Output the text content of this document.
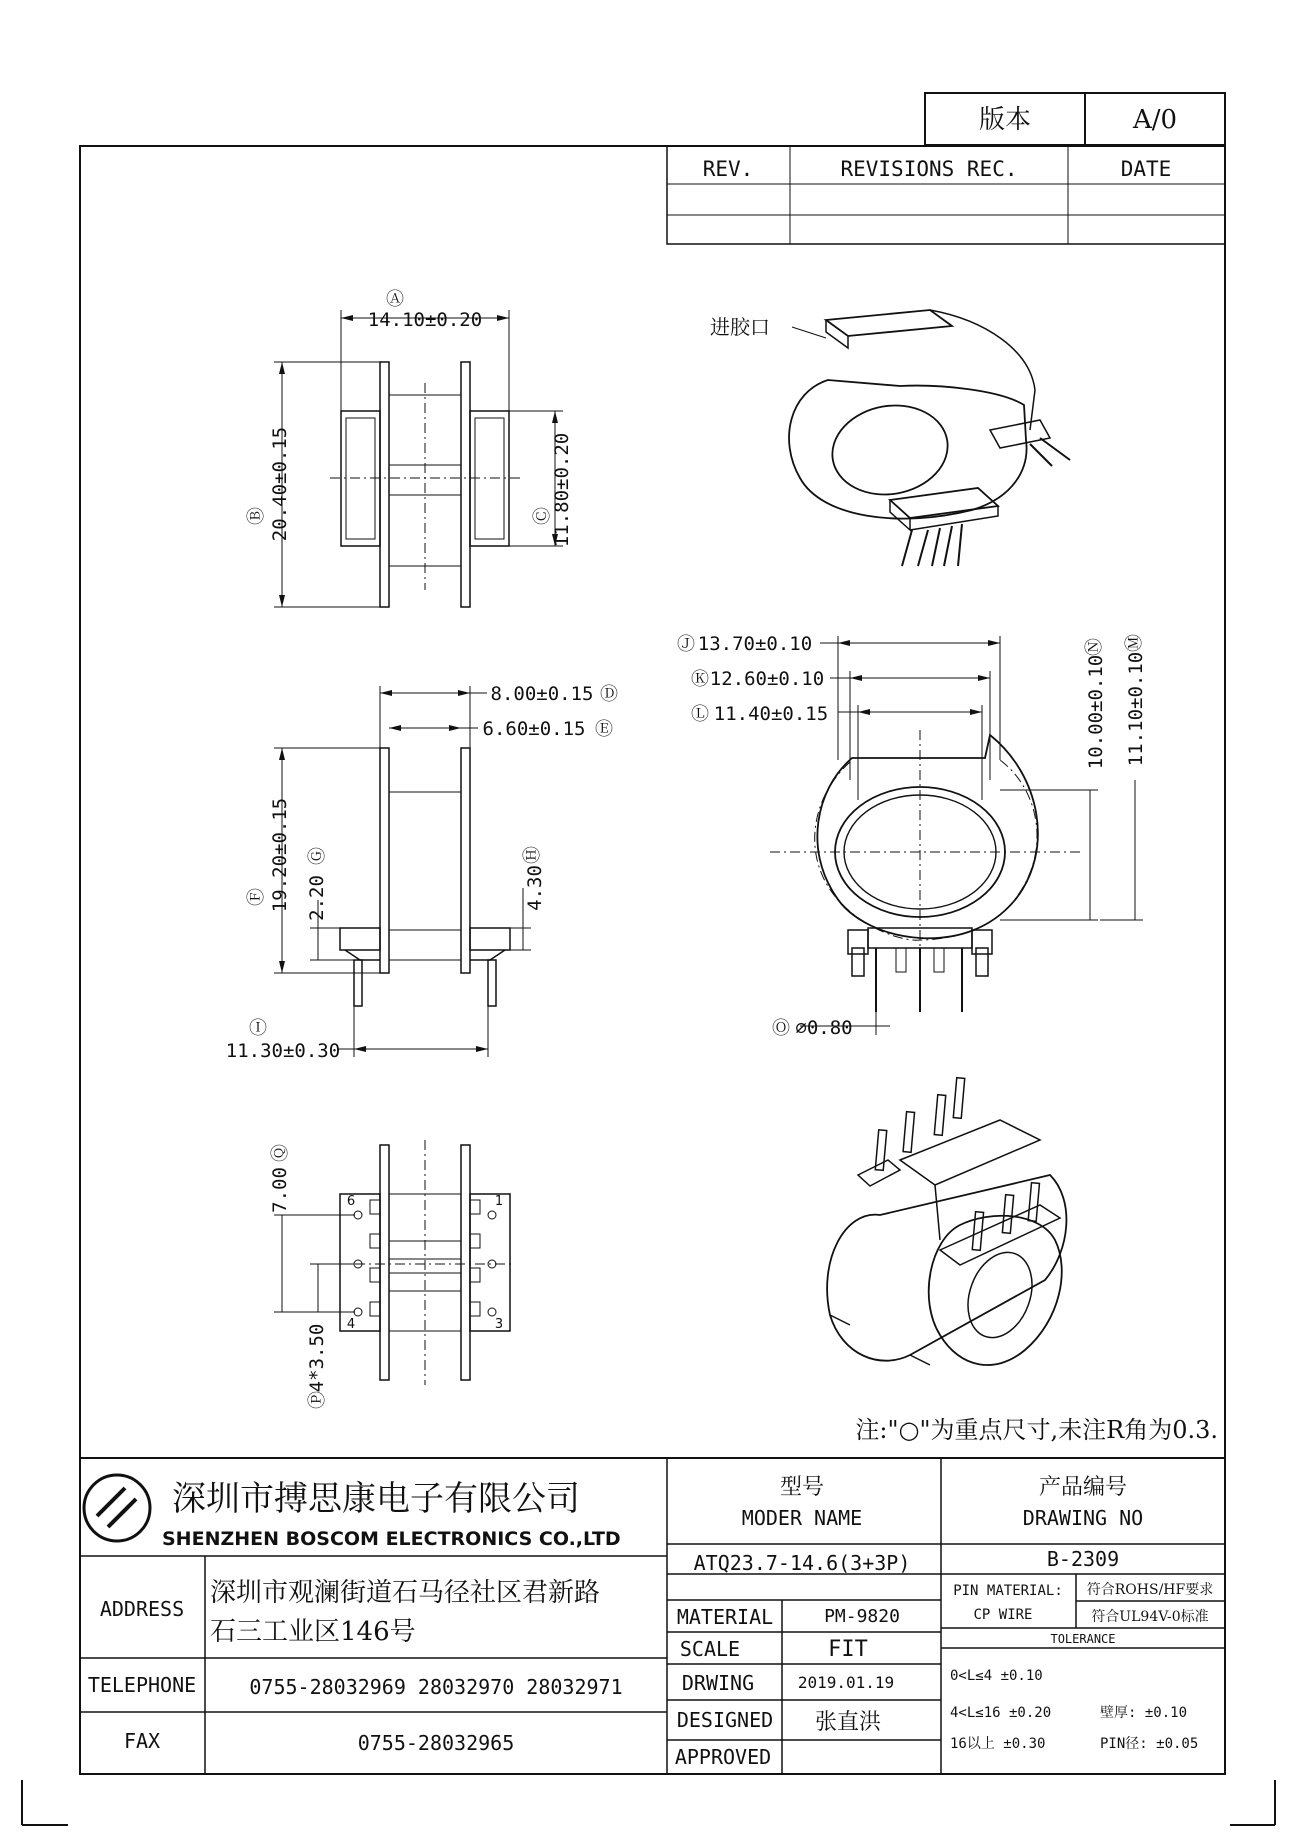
版本	A/0
REV.	REVISIONS REC.	DATE
Ⓐ
14.10±0.20
20.40±0.15
Ⓑ	11.80±0.20
Ⓒ
8.00±0.15 Ⓓ
6.60±0.15 Ⓔ
19.20±0.15
Ⓕ 2.20
Ⓖ
4.30
Ⓗ
Ⓘ
11.30±0.30
6	1
4	3
7.00
Ⓠ
4*3.50
Ⓟ
进胶口
Ⓙ 13.70±0.10
Ⓚ 12.60±0.10
Ⓛ 11.40±0.15	10.00±0.10
Ⓝ
11.10±0.10
Ⓜ
Ⓞ ∅0.80
注:"○"为重点尺寸,未注R角为0.3.
深圳市搏思康电子有限公司
SHENZHEN BOSCOM ELECTRONICS CO.,LTD
ADDRESS
深圳市观澜街道石马径社区君新路
石三工业区146号
TELEPHONE	0755-28032969 28032970 28032971
FAX	0755-28032965
型号
MODER NAME
ATQ23.7-14.6(3+3P)
产品编号
DRAWING NO
B-2309
MATERIAL	PM-9820
SCALE	FIT
DRWING	2019.01.19
DESIGNED 张直洪
APPROVED
PIN MATERIAL:
CP WIRE
符合ROHS/HF要求
符合UL94V-0标准
TOLERANCE
0<L≤4 ±0.10
4<L≤16 ±0.20
16以上 ±0.30
壁厚: ±0.10
PIN径: ±0.05
